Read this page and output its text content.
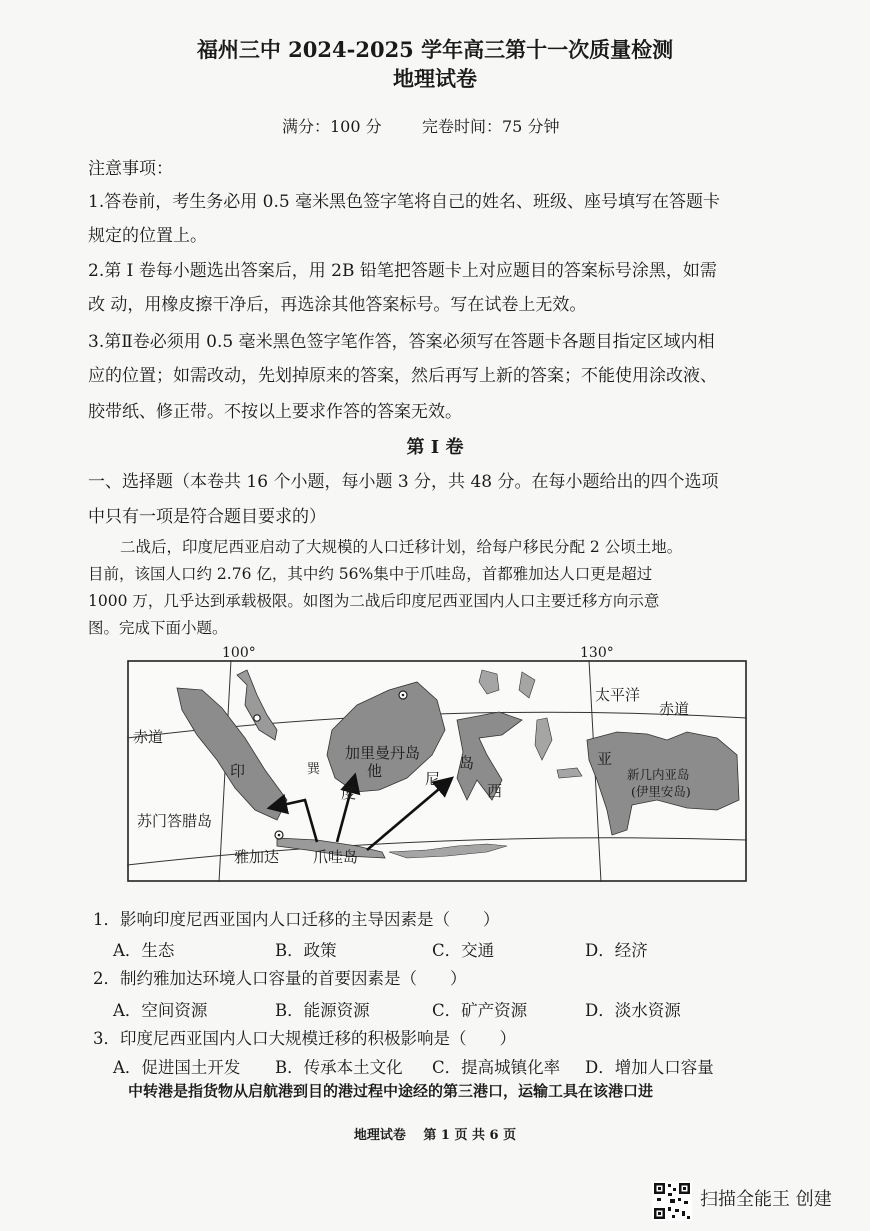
福州三中 2024-2025 学年高三第十一次质量检测
地理试卷
满分：100 分	完卷时间：75 分钟
注意事项：
1.答卷前，考生务必用 0.5 毫米黑色签字笔将自己的姓名、班级、座号填写在答题卡
规定的位置上。
2.第 I 卷每小题选出答案后，用 2B 铅笔把答题卡上对应题目的答案标号涂黑，如需
改 动，用橡皮擦干净后，再选涂其他答案标号。写在试卷上无效。
3.第Ⅱ卷必须用 0.5 毫米黑色签字笔作答，答案必须写在答题卡各题目指定区域内相
应的位置；如需改动，先划掉原来的答案，然后再写上新的答案；不能使用涂改液、
胶带纸、修正带。不按以上要求作答的答案无效。
第 I 卷
一、选择题（本卷共 16 个小题，每小题 3 分，共 48 分。在每小题给出的四个选项
中只有一项是符合题目要求的）
二战后，印度尼西亚启动了大规模的人口迁移计划，给每户移民分配 2 公顷土地。
目前，该国人口约 2.76 亿，其中约 56%集中于爪哇岛，首都雅加达人口更是超过
1000 万，几乎达到承载极限。如图为二战后印度尼西亚国内人口主要迁移方向示意
图。完成下面小题。
100°	130°
赤道
赤道
太平洋
加里曼丹岛
苏门答腊岛
雅加达 爪哇岛
新几内亚岛
(伊里安岛)
印
度
尼
西
亚
岛
巽	他
1．影响印度尼西亚国内人口迁移的主导因素是（　　）
A．生态	B．政策	C．交通	D．经济
2．制约雅加达环境人口容量的首要因素是（　　）
A．空间资源	B．能源资源	C．矿产资源	D．淡水资源
3．印度尼西亚国内人口大规模迁移的积极影响是（　　）
A．促进国土开发 B．传承本土文化 C．提高城镇化率 D．增加人口容量
中转港是指货物从启航港到目的港过程中途经的第三港口，运输工具在该港口进
地理试卷　 第 1 页 共 6 页
扫描全能王 创建
